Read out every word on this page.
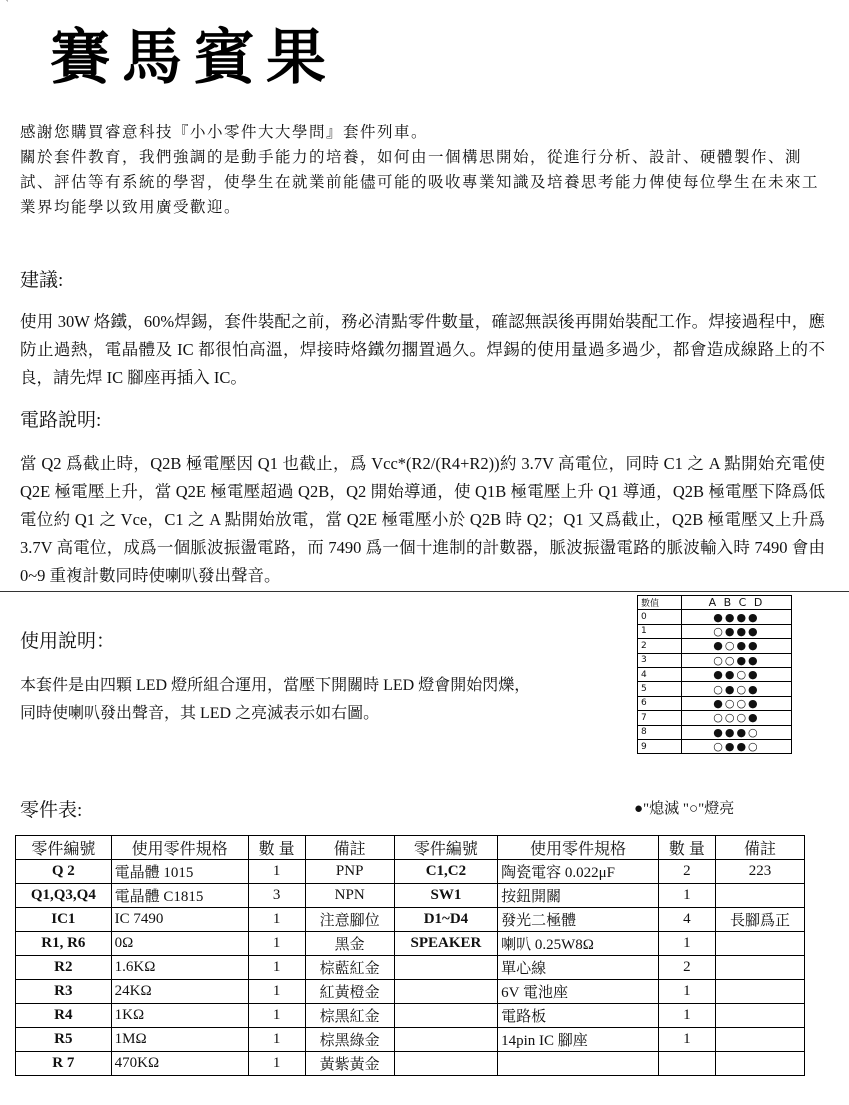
`
賽馬賓果

感謝您購買睿意科技『小小零件大大學問』套件列車。

關於套件教育，我們強調的是動手能力的培養，如何由一個構思開始，從進行分析、設計、硬體製作、測試、評估等有系統的學習，使學生在就業前能儘可能的吸收專業知識及培養思考能力俾使每位學生在未來工業界均能學以致用廣受歡迎。

建議:

使用 30W 烙鐵，60%焊錫，套件裝配之前，務必清點零件數量，確認無誤後再開始裝配工作。焊接過程中，應防止過熱，電晶體及 IC 都很怕高溫，焊接時烙鐵勿擱置過久。焊錫的使用量過多過少，都會造成線路上的不良，請先焊 IC 腳座再插入 IC。

電路說明:

當 Q2 爲截止時，Q2B 極電壓因 Q1 也截止，爲 Vcc*(R2/(R4+R2))約 3.7V 高電位，同時 C1 之 A 點開始充電使 Q2E 極電壓上升，當 Q2E 極電壓超過 Q2B，Q2 開始導通，使 Q1B 極電壓上升 Q1 導通，Q2B 極電壓下降爲低電位約 Q1 之 Vce，C1 之 A 點開始放電，當 Q2E 極電壓小於 Q2B 時 Q2；Q1 又爲截止，Q2B 極電壓又上升爲 3.7V 高電位，成爲一個脈波振盪電路，而 7490 爲一個十進制的計數器，脈波振盪電路的脈波輸入時 7490 會由 0~9 重複計數同時使喇叭發出聲音。

使用說明：

本套件是由四顆 LED 燈所組合運用，當壓下開關時 LED 燈會開始閃爍，

同時使喇叭發出聲音，其 LED 之亮滅表示如右圖。

數值	A B C D
0	●●●●
1	○●●●
2	●○●●
3	○○●●
4	●●○●
5	○●○●
6	●○○●
7	○○○●
8	●●●○
9	○●●○
●"熄滅 "○"燈亮
零件表:
零件編號	使用零件規格	數 量	備註	零件編號	使用零件規格	數 量	備註
Q 2	電晶體 1015	1	PNP	C1,C2	陶瓷電容 0.022μF	2	223
Q1,Q3,Q4	電晶體 C1815	3	NPN	SW1	按鈕開關	1	
IC1	IC 7490	1	注意腳位	D1~D4	發光二極體	4	長腳爲正
R1, R6	0Ω	1	黑金	SPEAKER	喇叭 0.25W8Ω	1	
R2	1.6KΩ	1	棕藍紅金		單心線	2	
R3	24KΩ	1	紅黃橙金		6V 電池座	1	
R4	1KΩ	1	棕黑紅金		電路板	1	
R5	1MΩ	1	棕黑綠金		14pin IC 腳座	1	
R 7	470KΩ	1	黃紫黃金				
